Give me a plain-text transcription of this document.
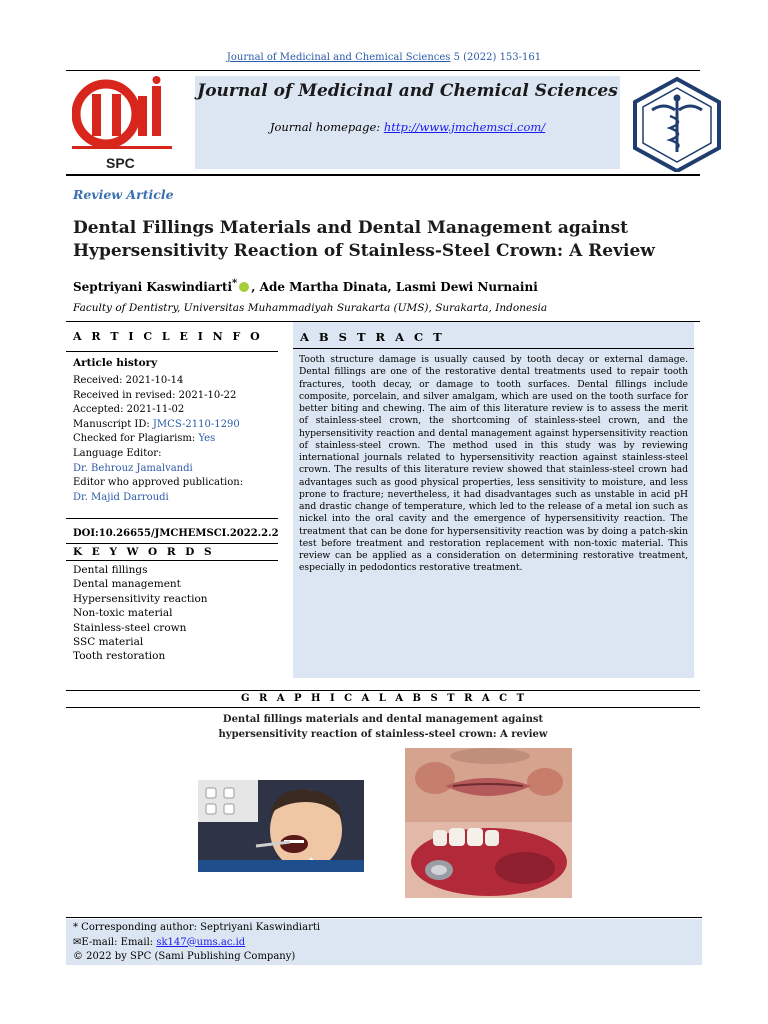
Journal of Medicinal and Chemical Sciences 5 (2022) 153-161
SPC
Journal of Medicinal and Chemical Sciences
Journal homepage: http://www.jmchemsci.com/
Review Article
Dental Fillings Materials and Dental Management against Hypersensitivity Reaction of Stainless-Steel Crown: A Review
Septriyani Kaswindiarti* , Ade Martha Dinata, Lasmi Dewi Nurnaini
Faculty of Dentistry, Universitas Muhammadiyah Surakarta (UMS), Surakarta, Indonesia
A R T I C L E I N F O
Article history
Received: 2021-10-14
Received in revised: 2021-10-22
Accepted: 2021-11-02
Manuscript ID: JMCS-2110-1290
Checked for Plagiarism: Yes
Language Editor:
Dr. Behrouz Jamalvandi
Editor who approved publication:
Dr. Majid Darroudi
DOI:10.26655/JMCHEMSCI.2022.2.2
K E Y W O R D S
Dental fillings
Dental management
Hypersensitivity reaction
Non-toxic material
Stainless-steel crown
SSC material
Tooth restoration
A B S T R A C T
Tooth structure damage is usually caused by tooth decay or external damage. Dental fillings are one of the restorative dental treatments used to repair tooth fractures, tooth decay, or damage to tooth surfaces. Dental fillings include composite, porcelain, and silver amalgam, which are used on the tooth surface for better biting and chewing. The aim of this literature review is to assess the merit of stainless-steel crown, the shortcoming of stainless-steel crown, and the hypersensitivity reaction and dental management against hypersensitivity reaction of stainless-steel crown. The method used in this study was by reviewing international journals related to hypersensitivity reaction against stainless-steel crown. The results of this literature review showed that stainless-steel crown had advantages such as good physical properties, less sensitivity to moisture, and less prone to fracture; nevertheless, it had disadvantages such as unstable in acid pH and drastic change of temperature, which led to the release of a metal ion such as nickel into the oral cavity and the emergence of hypersensitivity reaction. The treatment that can be done for hypersensitivity reaction was by doing a patch-skin test before treatment and restoration replacement with non-toxic material. This review can be applied as a consideration on determining restorative treatment, especially in pedodontics restorative treatment.
G R A P H I C A L A B S T R A C T
Dental fillings materials and dental management against
hypersensitivity reaction of stainless-steel crown: A review
* Corresponding author: Septriyani Kaswindiarti
✉E-mail: Email: sk147@ums.ac.id
© 2022 by SPC (Sami Publishing Company)
